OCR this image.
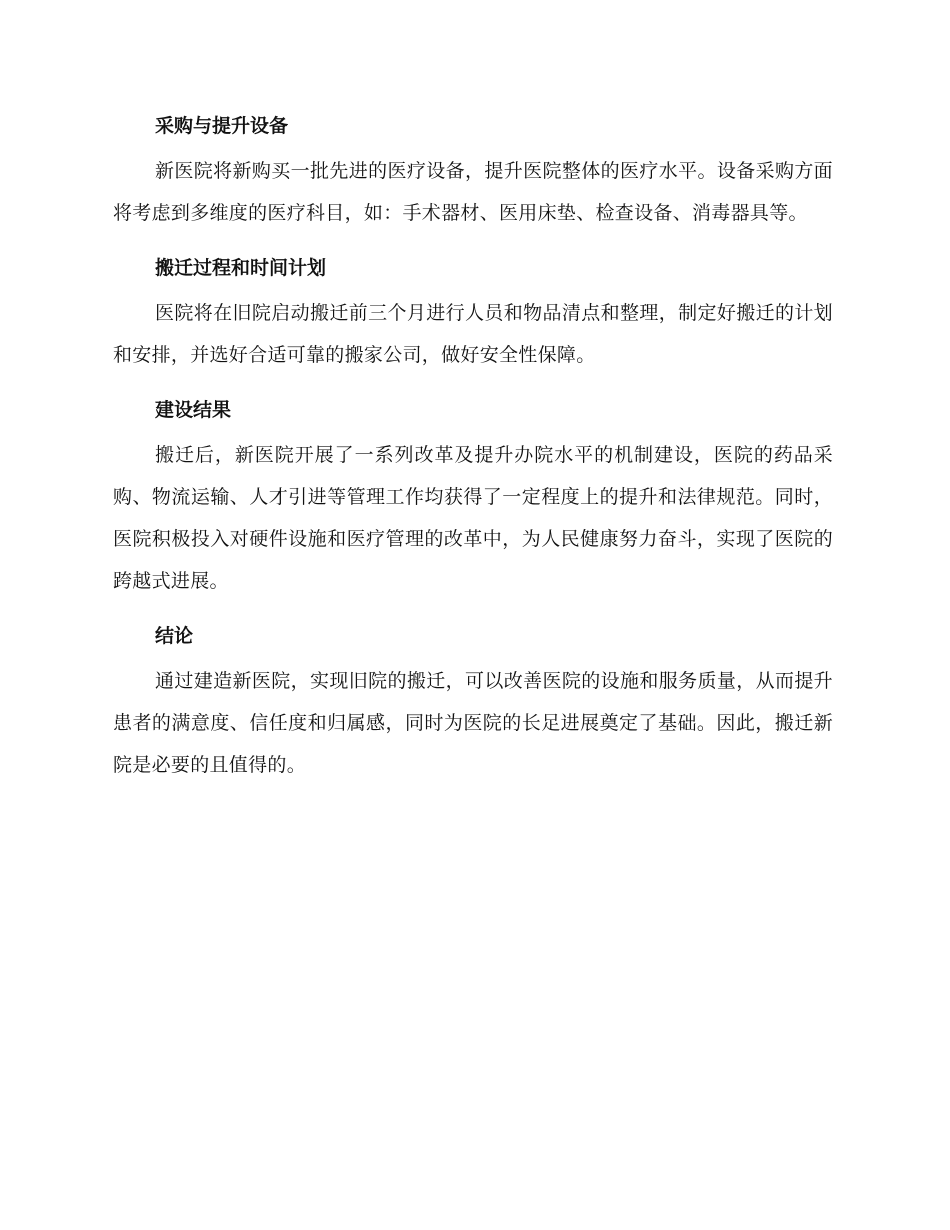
采购与提升设备

新医院将新购买一批先进的医疗设备，提升医院整体的医疗水平。设备采购方面将考虑到多维度的医疗科目，如：手术器材、医用床垫、检查设备、消毒器具等。

搬迁过程和时间计划

医院将在旧院启动搬迁前三个月进行人员和物品清点和整理，制定好搬迁的计划和安排，并选好合适可靠的搬家公司，做好安全性保障。

建设结果

搬迁后，新医院开展了一系列改革及提升办院水平的机制建设，医院的药品采购、物流运输、人才引进等管理工作均获得了一定程度上的提升和法律规范。同时，医院积极投入对硬件设施和医疗管理的改革中，为人民健康努力奋斗，实现了医院的跨越式进展。

结论

通过建造新医院，实现旧院的搬迁，可以改善医院的设施和服务质量，从而提升患者的满意度、信任度和归属感，同时为医院的长足进展奠定了基础。因此，搬迁新院是必要的且值得的。
